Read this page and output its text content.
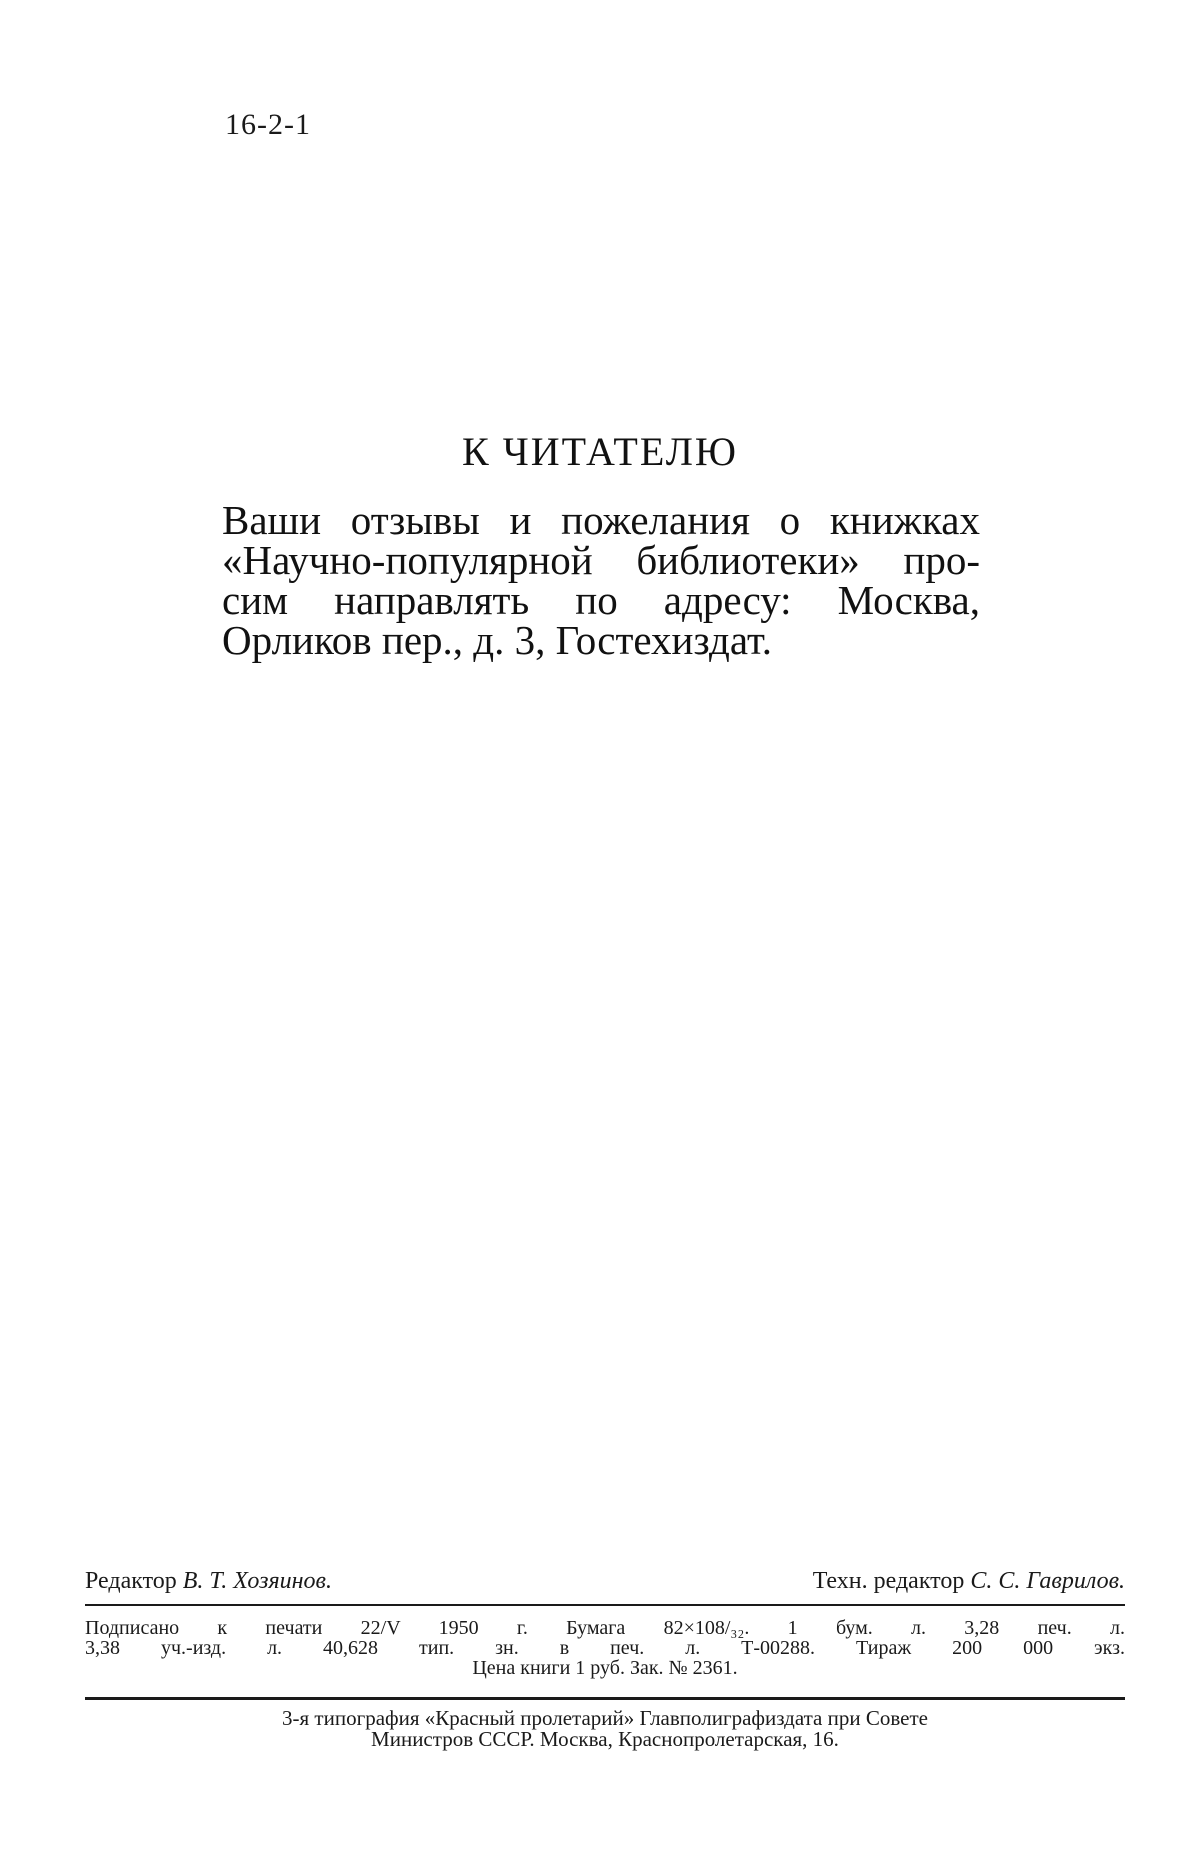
16-2-1
К ЧИТАТЕЛЮ
Ваши отзывы и пожелания о книжках
«Научно-популярной библиотеки» про-
сим направлять по адресу: Москва,
Орликов пер., д. 3, Гостехиздат.
Редактор В. Т. Хозяинов.	Техн. редактор С. С. Гаврилов.
Подписано к печати 22/V 1950 г. Бумага 82×108/₃₂. 1 бум. л. 3,28 печ. л.
3,38 уч.-изд. л. 40,628 тип. зн. в печ. л. Т-00288. Тираж 200 000 экз.
Цена книги 1 руб. Зак. № 2361.
3-я типография «Красный пролетарий» Главполиграфиздата при Совете
Министров СССР. Москва, Краснопролетарская, 16.
